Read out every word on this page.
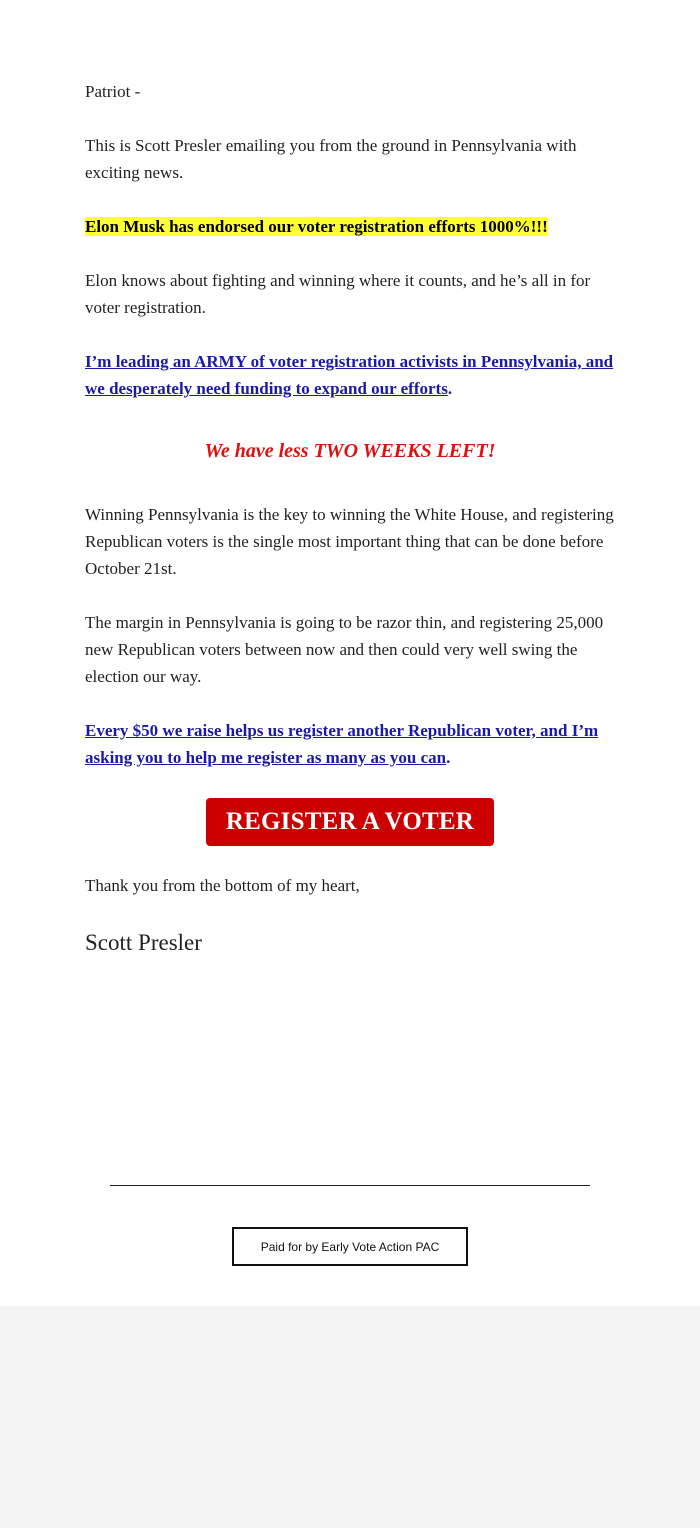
Patriot -

This is Scott Presler emailing you from the ground in Pennsylvania with exciting news.

Elon Musk has endorsed our voter registration efforts 1000%!!!

Elon knows about fighting and winning where it counts, and he’s all in for voter registration.

I’m leading an ARMY of voter registration activists in Pennsylvania, and we desperately need funding to expand our efforts.

We have less TWO WEEKS LEFT!

Winning Pennsylvania is the key to winning the White House, and registering Republican voters is the single most important thing that can be done before October 21st.

The margin in Pennsylvania is going to be razor thin, and registering 25,000 new Republican voters between now and then could very well swing the election our way.

Every $50 we raise helps us register another Republican voter, and I’m asking you to help me register as many as you can.

REGISTER A VOTER

Thank you from the bottom of my heart,

Scott Presler

Paid for by Early Vote Action PAC
